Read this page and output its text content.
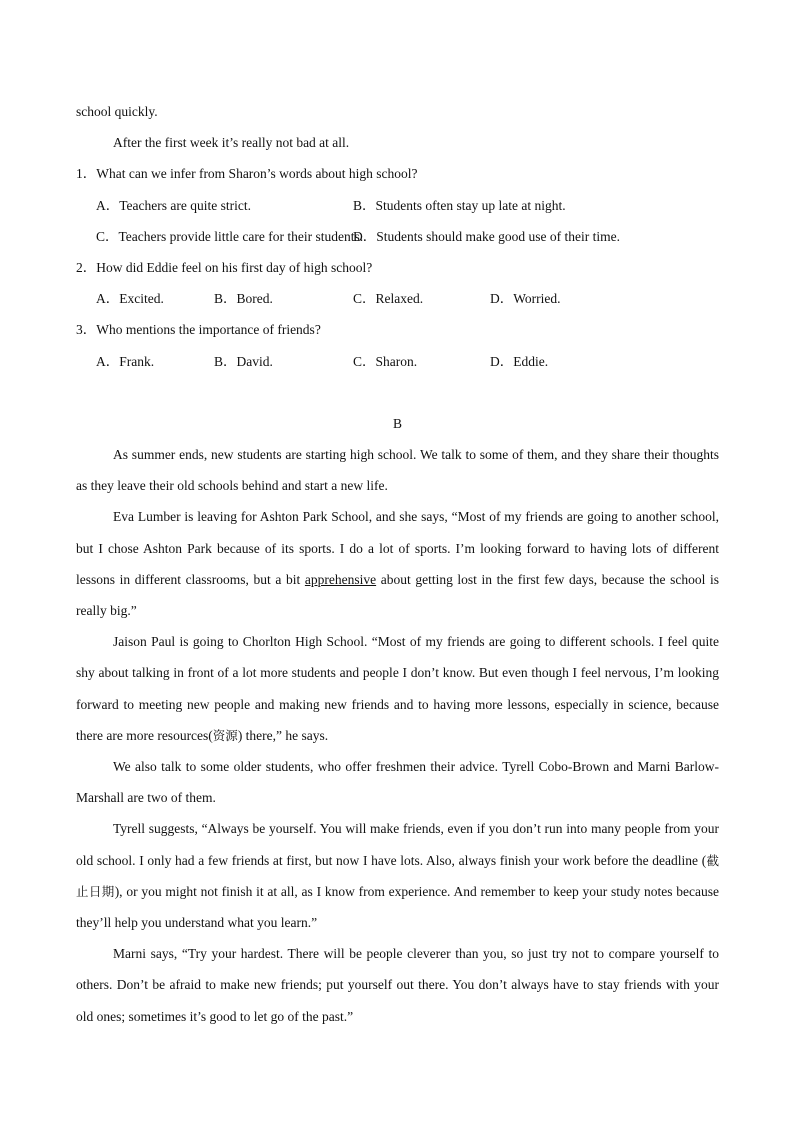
school quickly.

After the first week it’s really not bad at all.

1．What can we infer from Sharon’s words about high school?

A．Teachers are quite strict.	B．Students often stay up late at night.
C．Teachers provide little care for their students.
D．Students should make good use of their time.

2．How did Eddie feel on his first day of high school?

A．Excited.	B．Bored.	C．Relaxed.	D．Worried.

3．Who mentions the importance of friends?

A．Frank.	B．David.	C．Sharon.	D．Eddie.

B

As summer ends, new students are starting high school. We talk to some of them, and they share their thoughts as they leave their old schools behind and start a new life.

Eva Lumber is leaving for Ashton Park School, and she says, “Most of my friends are going to another school, but I chose Ashton Park because of its sports. I do a lot of sports. I’m looking forward to having lots of different lessons in different classrooms, but a bit apprehensive about getting lost in the first few days, because the school is really big.”

Jaison Paul is going to Chorlton High School. “Most of my friends are going to different schools. I feel quite shy about talking in front of a lot more students and people I don’t know. But even though I feel nervous, I’m looking forward to meeting new people and making new friends and to having more lessons, especially in science, because there are more resources(资源) there,” he says.

We also talk to some older students, who offer freshmen their advice. Tyrell Cobo-Brown and Marni Barlow-Marshall are two of them.

Tyrell suggests, “Always be yourself. You will make friends, even if you don’t run into many people from your old school. I only had a few friends at first, but now I have lots. Also, always finish your work before the deadline (截止日期), or you might not finish it at all, as I know from experience. And remember to keep your study notes because they’ll help you understand what you learn.”

Marni says, “Try your hardest. There will be people cleverer than you, so just try not to compare yourself to others. Don’t be afraid to make new friends; put yourself out there. You don’t always have to stay friends with your old ones; sometimes it’s good to let go of the past.”
